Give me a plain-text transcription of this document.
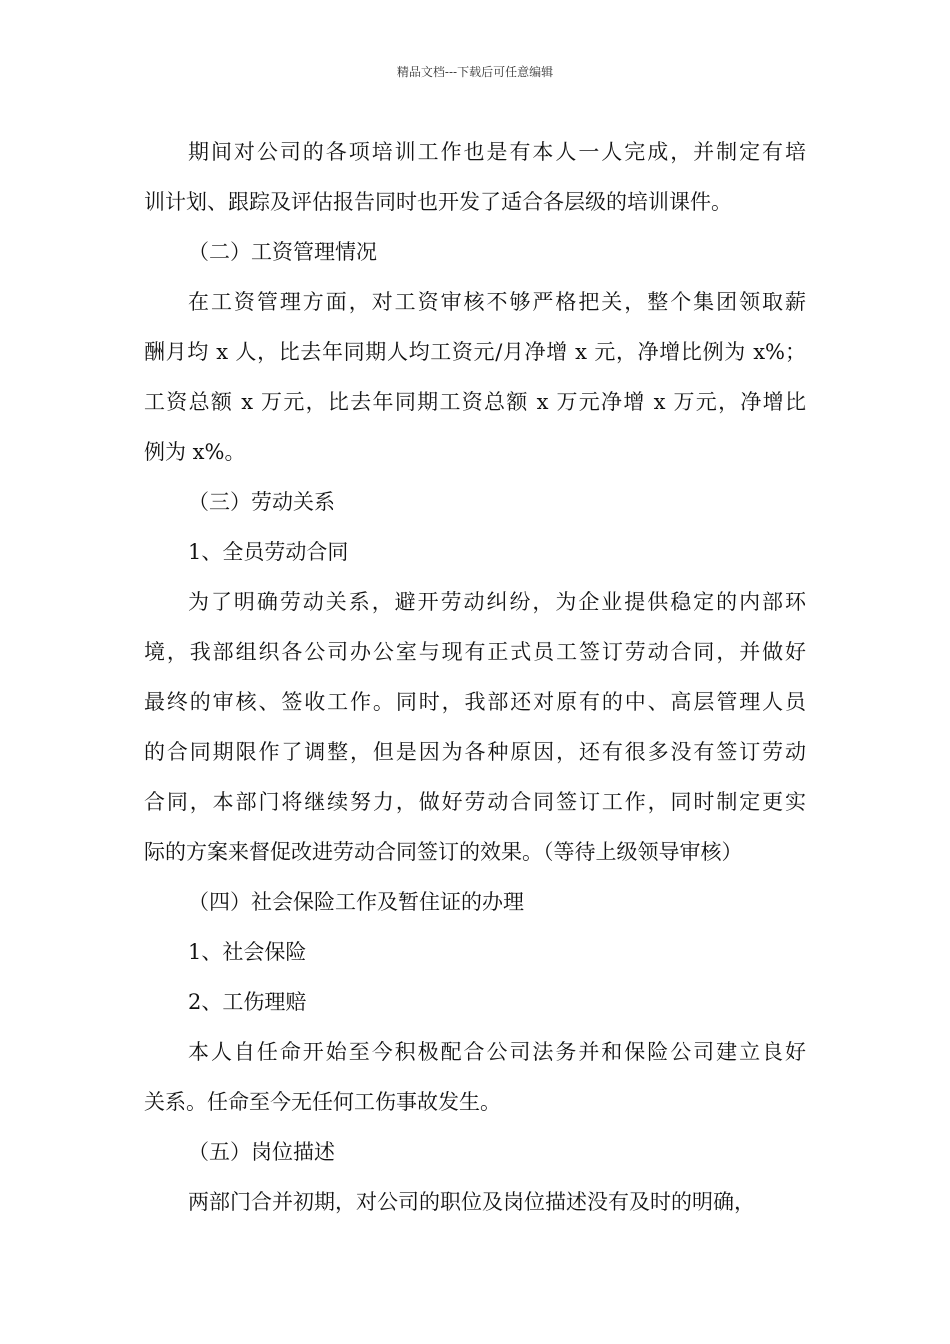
精品文档---下载后可任意编辑
期间对公司的各项培训工作也是有本人一人完成，并制定有培
训计划、跟踪及评估报告同时也开发了适合各层级的培训课件。
（二）工资管理情况
在工资管理方面，对工资审核不够严格把关，整个集团领取薪
酬月均 x 人，比去年同期人均工资元/月净增 x 元，净增比例为 x%；
工资总额 x 万元，比去年同期工资总额 x 万元净增 x 万元，净增比
例为 x%。
（三）劳动关系
1、全员劳动合同
为了明确劳动关系，避开劳动纠纷，为企业提供稳定的内部环
境，我部组织各公司办公室与现有正式员工签订劳动合同，并做好
最终的审核、签收工作。同时，我部还对原有的中、高层管理人员
的合同期限作了调整，但是因为各种原因，还有很多没有签订劳动
合同，本部门将继续努力，做好劳动合同签订工作，同时制定更实
际的方案来督促改进劳动合同签订的效果。（等待上级领导审核）
（四）社会保险工作及暂住证的办理
1、社会保险
2、工伤理赔
本人自任命开始至今积极配合公司法务并和保险公司建立良好
关系。任命至今无任何工伤事故发生。
（五）岗位描述
两部门合并初期，对公司的职位及岗位描述没有及时的明确，
